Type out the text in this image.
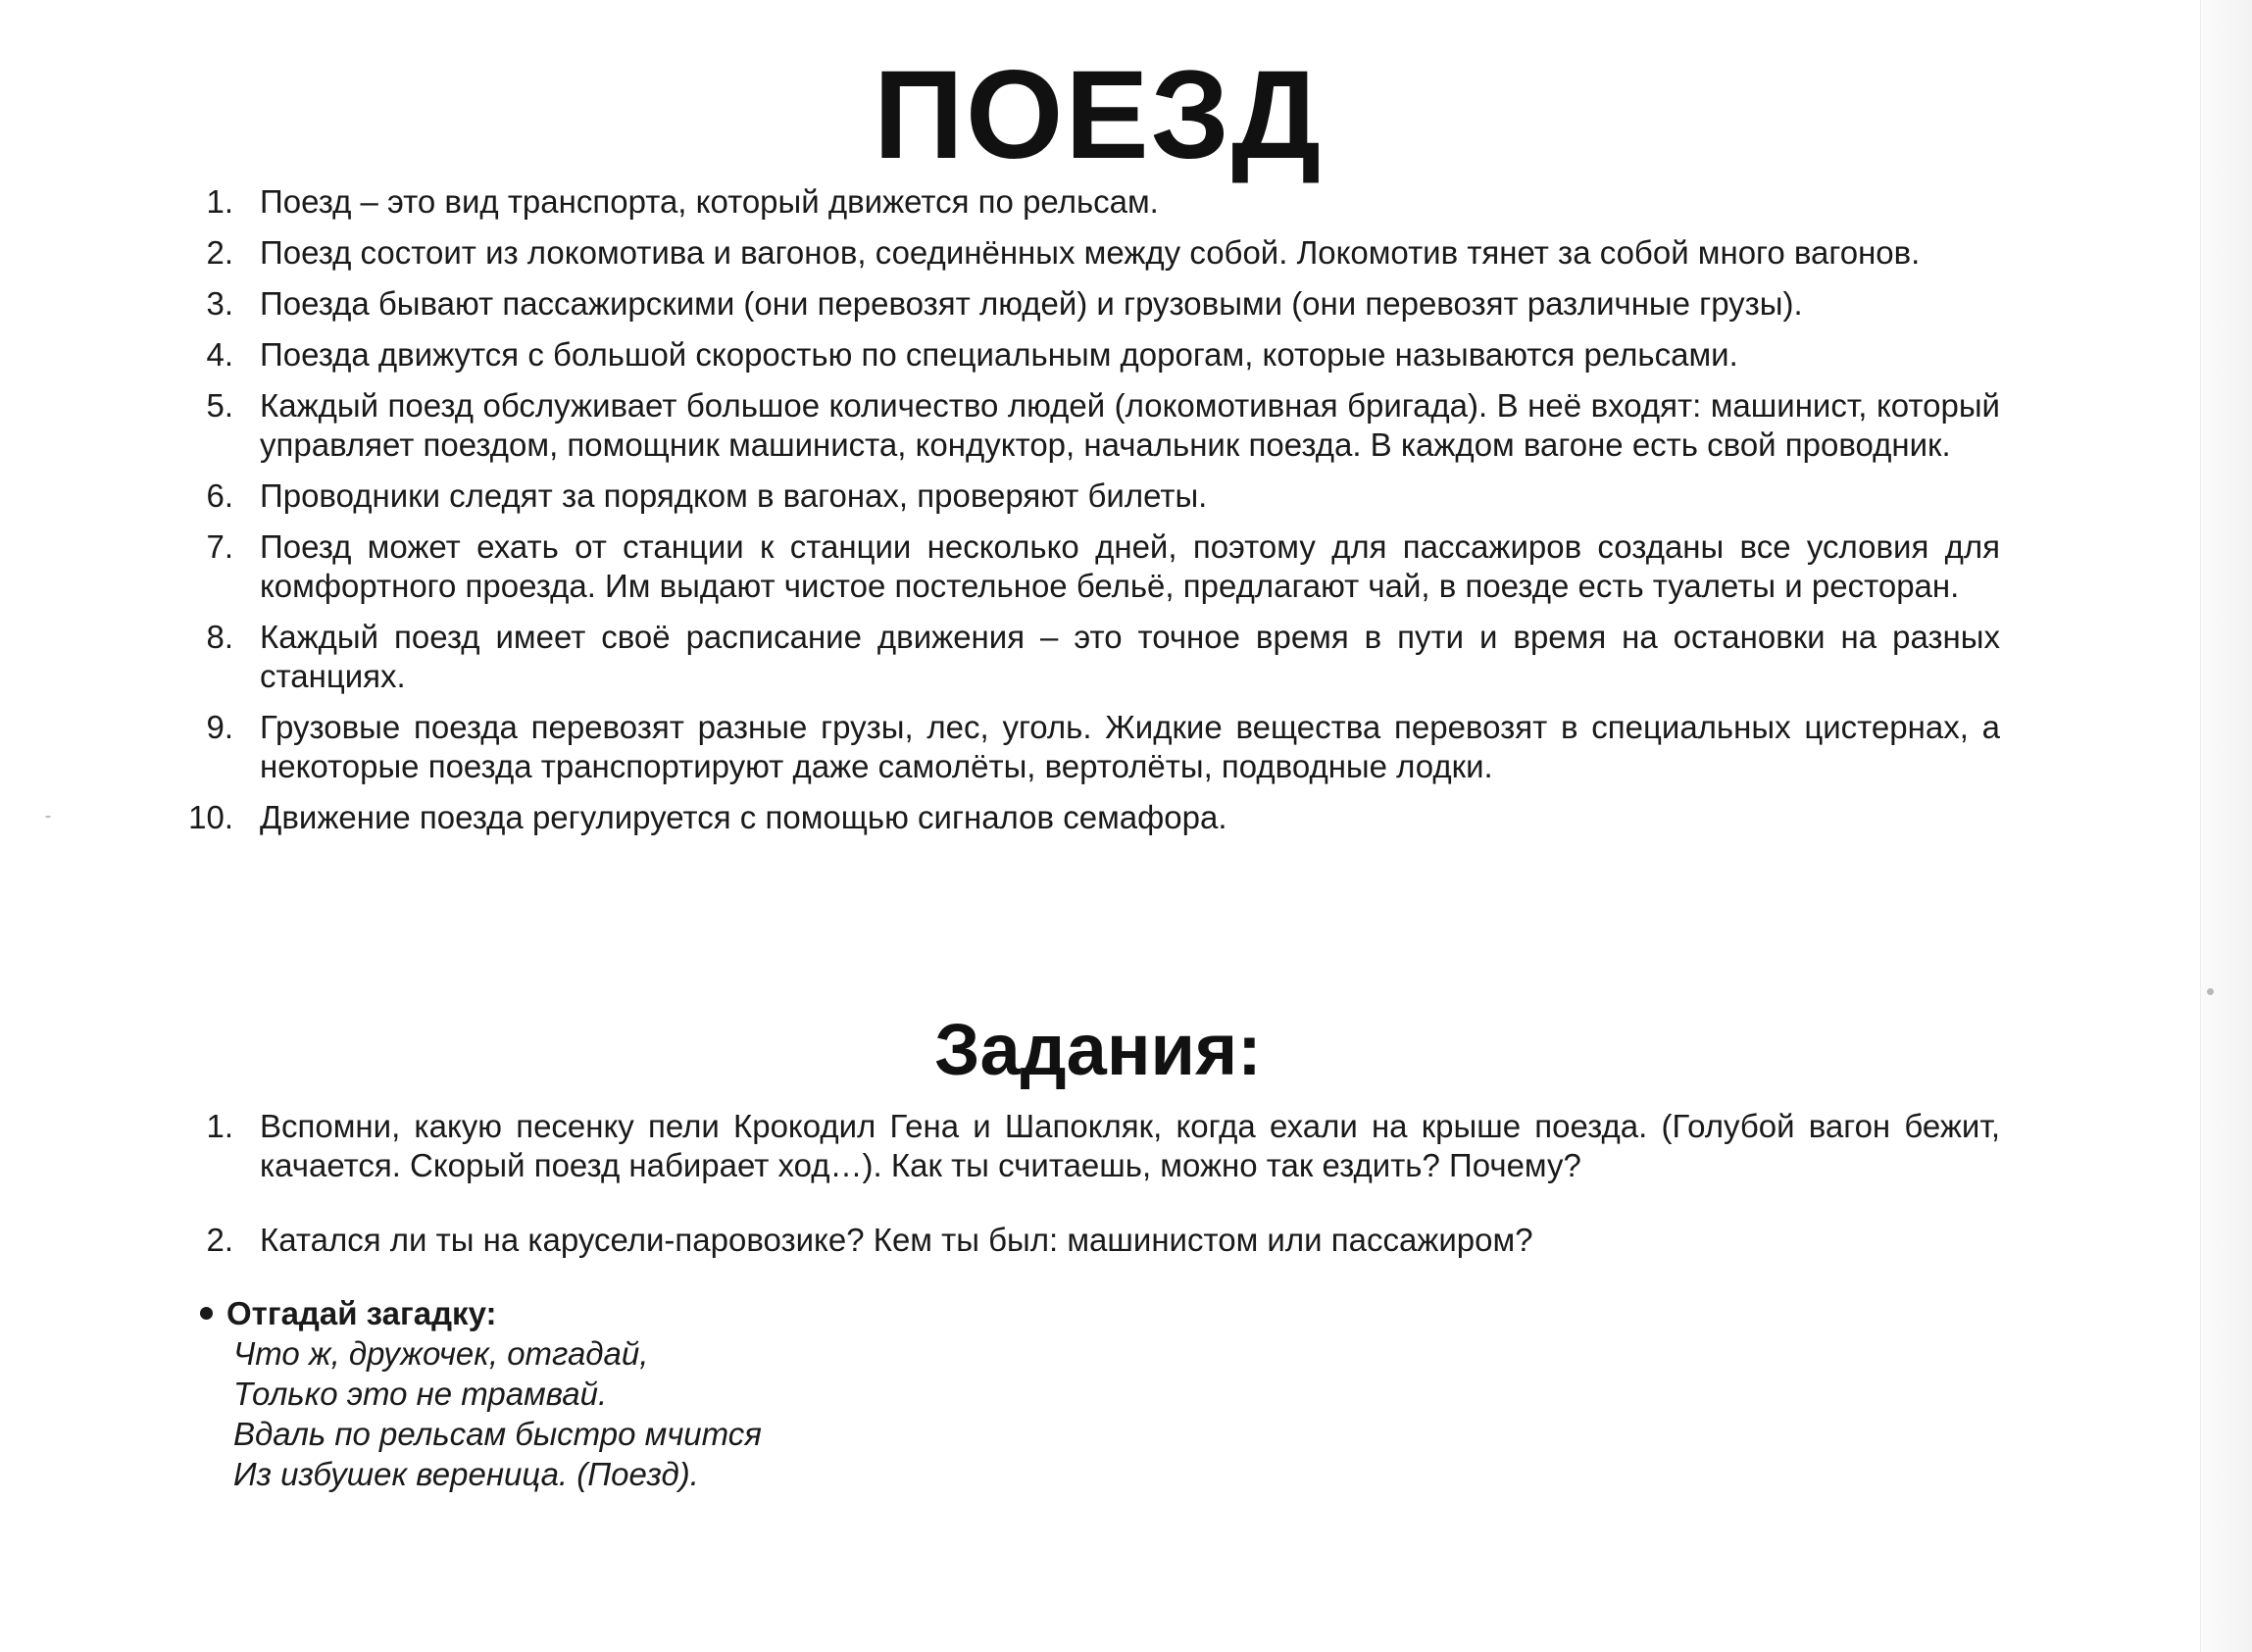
ПОЕЗД
1. Поезд – это вид транспорта, который движется по рельсам.
2. Поезд состоит из локомотива и вагонов, соединённых между собой. Локомотив тянет за собой много вагонов.
3. Поезда бывают пассажирскими (они перевозят людей) и грузовыми (они перевозят различные грузы).
4. Поезда движутся с большой скоростью по специальным дорогам, которые называются рельсами.
5. Каждый поезд обслуживает большое количество людей (локомотивная бригада). В неё входят: машинист, который управляет поездом, помощник машиниста, кондуктор, начальник поезда. В каждом вагоне есть свой проводник.
6. Проводники следят за порядком в вагонах, проверяют билеты.
7. Поезд может ехать от станции к станции несколько дней, поэтому для пассажиров созданы все условия для комфортного проезда. Им выдают чистое постельное бельё, предлагают чай, в поезде есть туалеты и ресторан.
8. Каждый поезд имеет своё расписание движения – это точное время в пути и время на остановки на разных станциях.
9. Грузовые поезда перевозят разные грузы, лес, уголь. Жидкие вещества перевозят в специальных цистернах, а некоторые поезда транспортируют даже самолёты, вертолёты, подводные лодки.
10. Движение поезда регулируется с помощью сигналов семафора.
Задания:
1. Вспомни, какую песенку пели Крокодил Гена и Шапокляк, когда ехали на крыше поезда. (Голубой вагон бежит, качается. Скорый поезд набирает ход…). Как ты считаешь, можно так ездить? Почему?
2. Катался ли ты на карусели-паровозике? Кем ты был: машинистом или пассажиром?
Отгадай загадку:
Что ж, дружочек, отгадай,
Только это не трамвай.
Вдаль по рельсам быстро мчится
Из избушек вереница. (Поезд).
